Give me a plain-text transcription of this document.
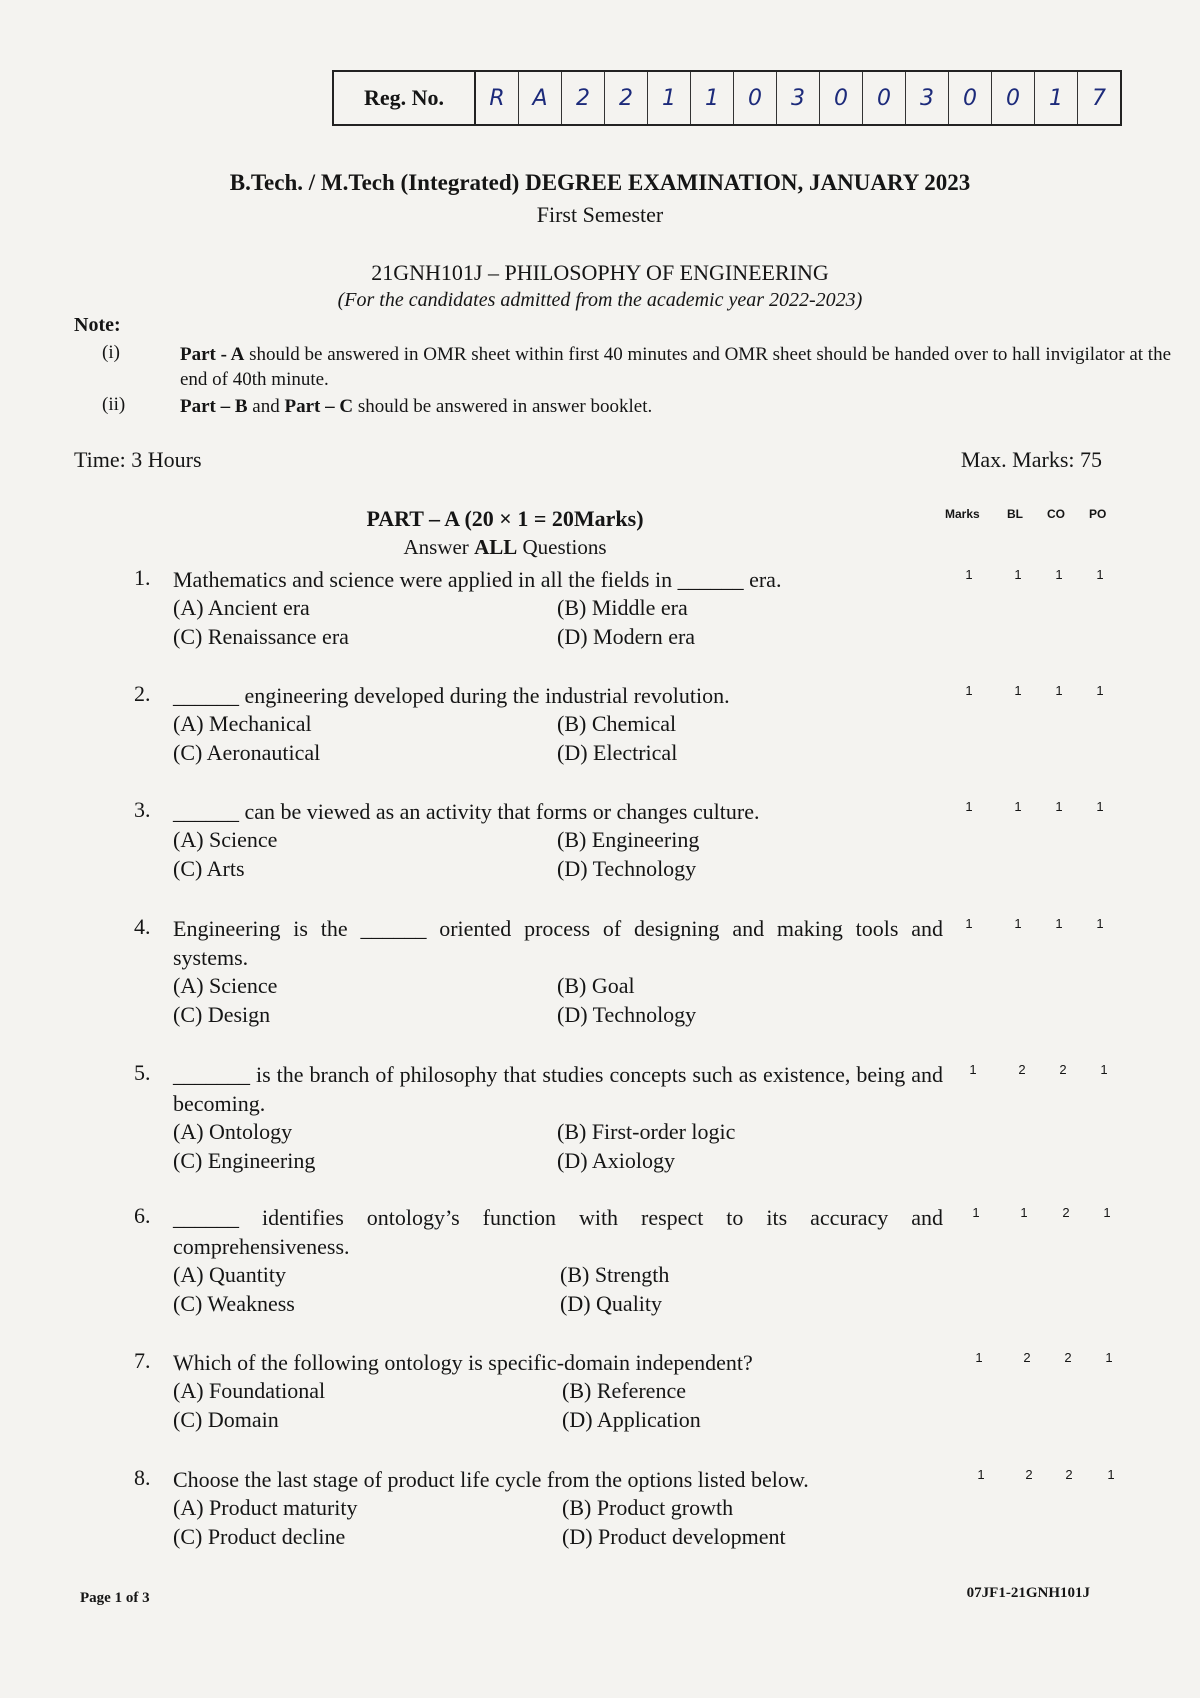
Reg. No.	R	A	2	2	1	1	0	3	0	0	3	0	0	1	7
B.Tech. / M.Tech (Integrated) DEGREE EXAMINATION, JANUARY 2023
First Semester
21GNH101J – PHILOSOPHY OF ENGINEERING
(For the candidates admitted from the academic year 2022-2023)
Note:
(i)	Part - A should be answered in OMR sheet within first 40 minutes and OMR sheet should be handed over to hall invigilator at the end of 40th minute.
(ii)	Part – B and Part – C should be answered in answer booklet.
Time: 3 Hours	Max. Marks: 75
PART – A (20 × 1 = 20Marks)
Answer ALL Questions
Marks BL CO PO
1. Mathematics and science were applied in all the fields in ______ era.
(A) Ancient era	(B) Middle era
(C) Renaissance era	(D) Modern era
1	1	1	1
2. ______ engineering developed during the industrial revolution.
(A) Mechanical	(B) Chemical
(C) Aeronautical	(D) Electrical
1	1	1	1
3. ______ can be viewed as an activity that forms or changes culture.
(A) Science	(B) Engineering
(C) Arts	(D) Technology
1	1	1	1
4. Engineering is the ______ oriented process of designing and making tools and systems.
(A) Science	(B) Goal
(C) Design	(D) Technology
1	1	1	1
5. _______ is the branch of philosophy that studies concepts such as existence, being and becoming.
(A) Ontology	(B) First-order logic
(C) Engineering	(D) Axiology
1	2	2	1
6. ______ identifies ontology’s function with respect to its accuracy and comprehensiveness.
(A) Quantity	(B) Strength
(C) Weakness	(D) Quality
1	1	2	1
7. Which of the following ontology is specific-domain independent?
(A) Foundational	(B) Reference
(C) Domain	(D) Application
1	2	2	1
8. Choose the last stage of product life cycle from the options listed below.
(A) Product maturity	(B) Product growth
(C) Product decline	(D) Product development
1	2	2	1
Page 1 of 3	07JF1-21GNH101J
